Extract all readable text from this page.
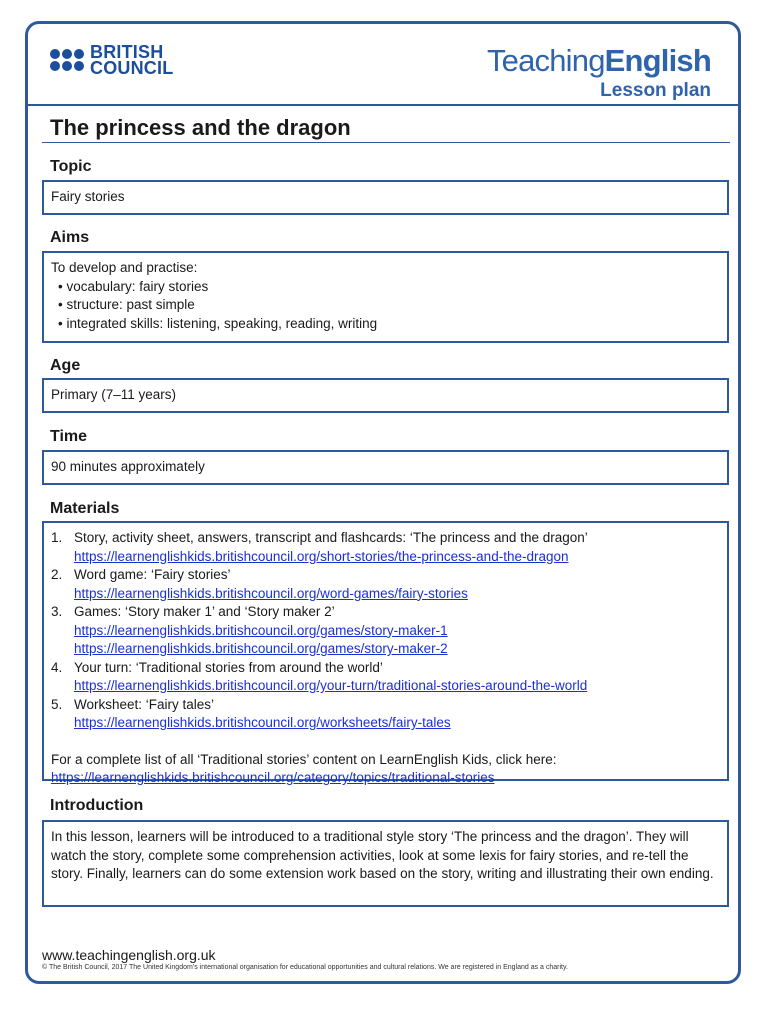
BRITISH
COUNCIL	TeachingEnglish
Lesson plan
The princess and the dragon
Topic
Fairy stories
Aims
To develop and practise:
• vocabulary: fairy stories
• structure: past simple
• integrated skills: listening, speaking, reading, writing
Age
Primary (7–11 years)
Time
90 minutes approximately
Materials
1. Story, activity sheet, answers, transcript and flashcards: ‘The princess and the dragon’
https://learnenglishkids.britishcouncil.org/short-stories/the-princess-and-the-dragon
2. Word game: ‘Fairy stories’
https://learnenglishkids.britishcouncil.org/word-games/fairy-stories
3. Games: ‘Story maker 1’ and ‘Story maker 2’
https://learnenglishkids.britishcouncil.org/games/story-maker-1
https://learnenglishkids.britishcouncil.org/games/story-maker-2
4. Your turn: ‘Traditional stories from around the world’
https://learnenglishkids.britishcouncil.org/your-turn/traditional-stories-around-the-world
5. Worksheet: ‘Fairy tales’
https://learnenglishkids.britishcouncil.org/worksheets/fairy-tales
For a complete list of all ‘Traditional stories’ content on LearnEnglish Kids, click here:
https://learnenglishkids.britishcouncil.org/category/topics/traditional-stories
Introduction
In this lesson, learners will be introduced to a traditional style story ‘The princess and the dragon’. They will watch the story, complete some comprehension activities, look at some lexis for fairy stories, and re-tell the story. Finally, learners can do some extension work based on the story, writing and illustrating their own ending.
www.teachingenglish.org.uk
© The British Council, 2017 The United Kingdom’s international organisation for educational opportunities and cultural relations. We are registered in England as a charity.
